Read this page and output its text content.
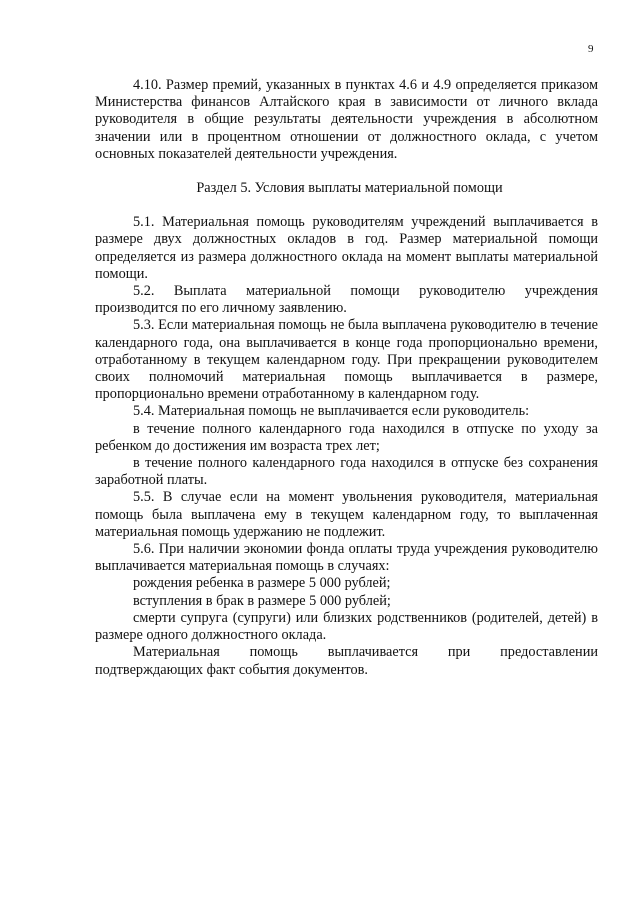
9

4.10. Размер премий, указанных в пунктах 4.6 и 4.9 определяется приказом Министерства финансов Алтайского края в зависимости от личного вклада руководителя в общие результаты деятельности учреждения в абсолютном значении или в процентном отношении от должностного оклада, с учетом основных показателей деятельности учреждения.

Раздел 5. Условия выплаты материальной помощи

5.1. Материальная помощь руководителям учреждений выплачивается в размере двух должностных окладов в год. Размер материальной помощи определяется из размера должностного оклада на момент выплаты материальной помощи.

5.2. Выплата материальной помощи руководителю учреждения производится по его личному заявлению.

5.3. Если материальная помощь не была выплачена руководителю в течение календарного года, она выплачивается в конце года пропорционально времени, отработанному в текущем календарном году. При прекращении руководителем своих полномочий материальная помощь выплачивается в размере, пропорционально времени отработанному в календарном году.

5.4. Материальная помощь не выплачивается если руководитель:

в течение полного календарного года находился в отпуске по уходу за ребенком до достижения им возраста трех лет;

в течение полного календарного года находился в отпуске без сохранения заработной платы.

5.5. В случае если на момент увольнения руководителя, материальная помощь была выплачена ему в текущем календарном году, то выплаченная материальная помощь удержанию не подлежит.

5.6. При наличии экономии фонда оплаты труда учреждения руководителю выплачивается материальная помощь в случаях:

рождения ребенка в размере 5 000 рублей;

вступления в брак в размере 5 000 рублей;

смерти супруга (супруги) или близких родственников (родителей, детей) в размере одного должностного оклада.

Материальная помощь выплачивается при предоставлении подтверждающих факт события документов.
